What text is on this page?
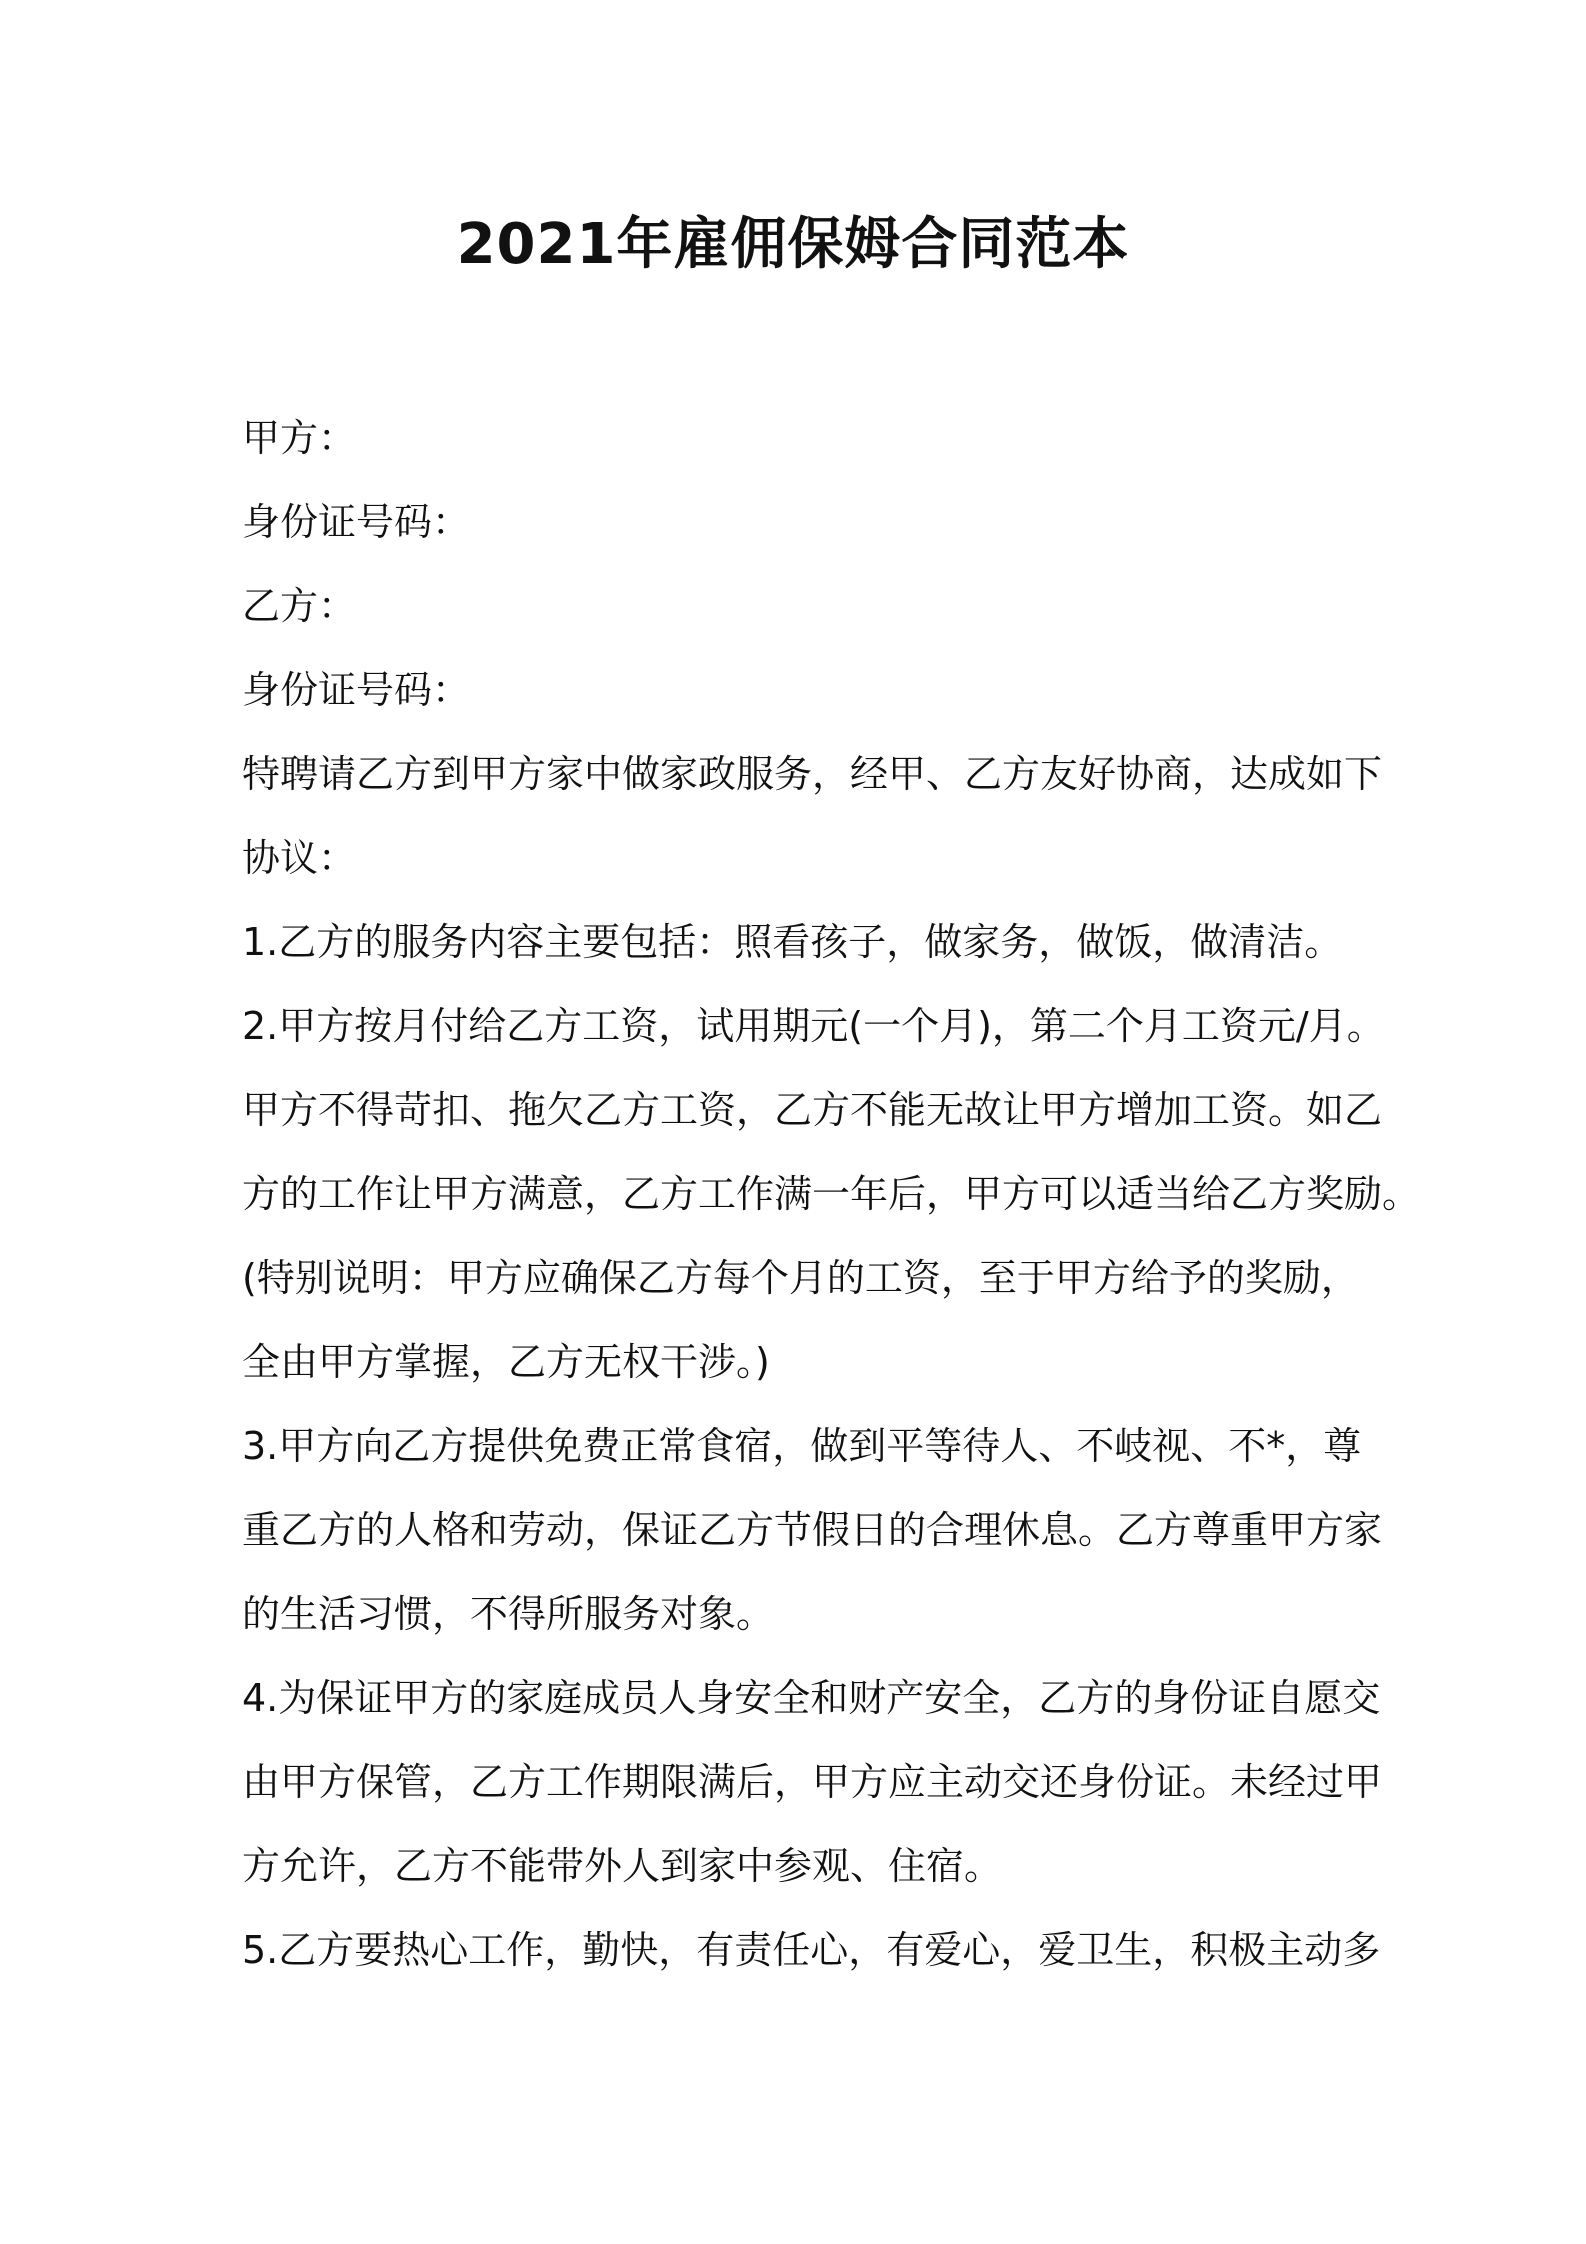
2021年雇佣保姆合同范本

甲方：

身份证号码：

乙方：

身份证号码：

特聘请乙方到甲方家中做家政服务，经甲、乙方友好协商，达成如下

协议：

1.乙方的服务内容主要包括：照看孩子，做家务，做饭，做清洁。

2.甲方按月付给乙方工资，试用期元(一个月)，第二个月工资元/月。

甲方不得苛扣、拖欠乙方工资，乙方不能无故让甲方增加工资。如乙

方的工作让甲方满意，乙方工作满一年后，甲方可以适当给乙方奖励。

(特别说明：甲方应确保乙方每个月的工资，至于甲方给予的奖励，

全由甲方掌握，乙方无权干涉。)

3.甲方向乙方提供免费正常食宿，做到平等待人、不岐视、不*，尊

重乙方的人格和劳动，保证乙方节假日的合理休息。乙方尊重甲方家

的生活习惯，不得所服务对象。

4.为保证甲方的家庭成员人身安全和财产安全，乙方的身份证自愿交

由甲方保管，乙方工作期限满后，甲方应主动交还身份证。未经过甲

方允许，乙方不能带外人到家中参观、住宿。

5.乙方要热心工作，勤快，有责任心，有爱心，爱卫生，积极主动多
